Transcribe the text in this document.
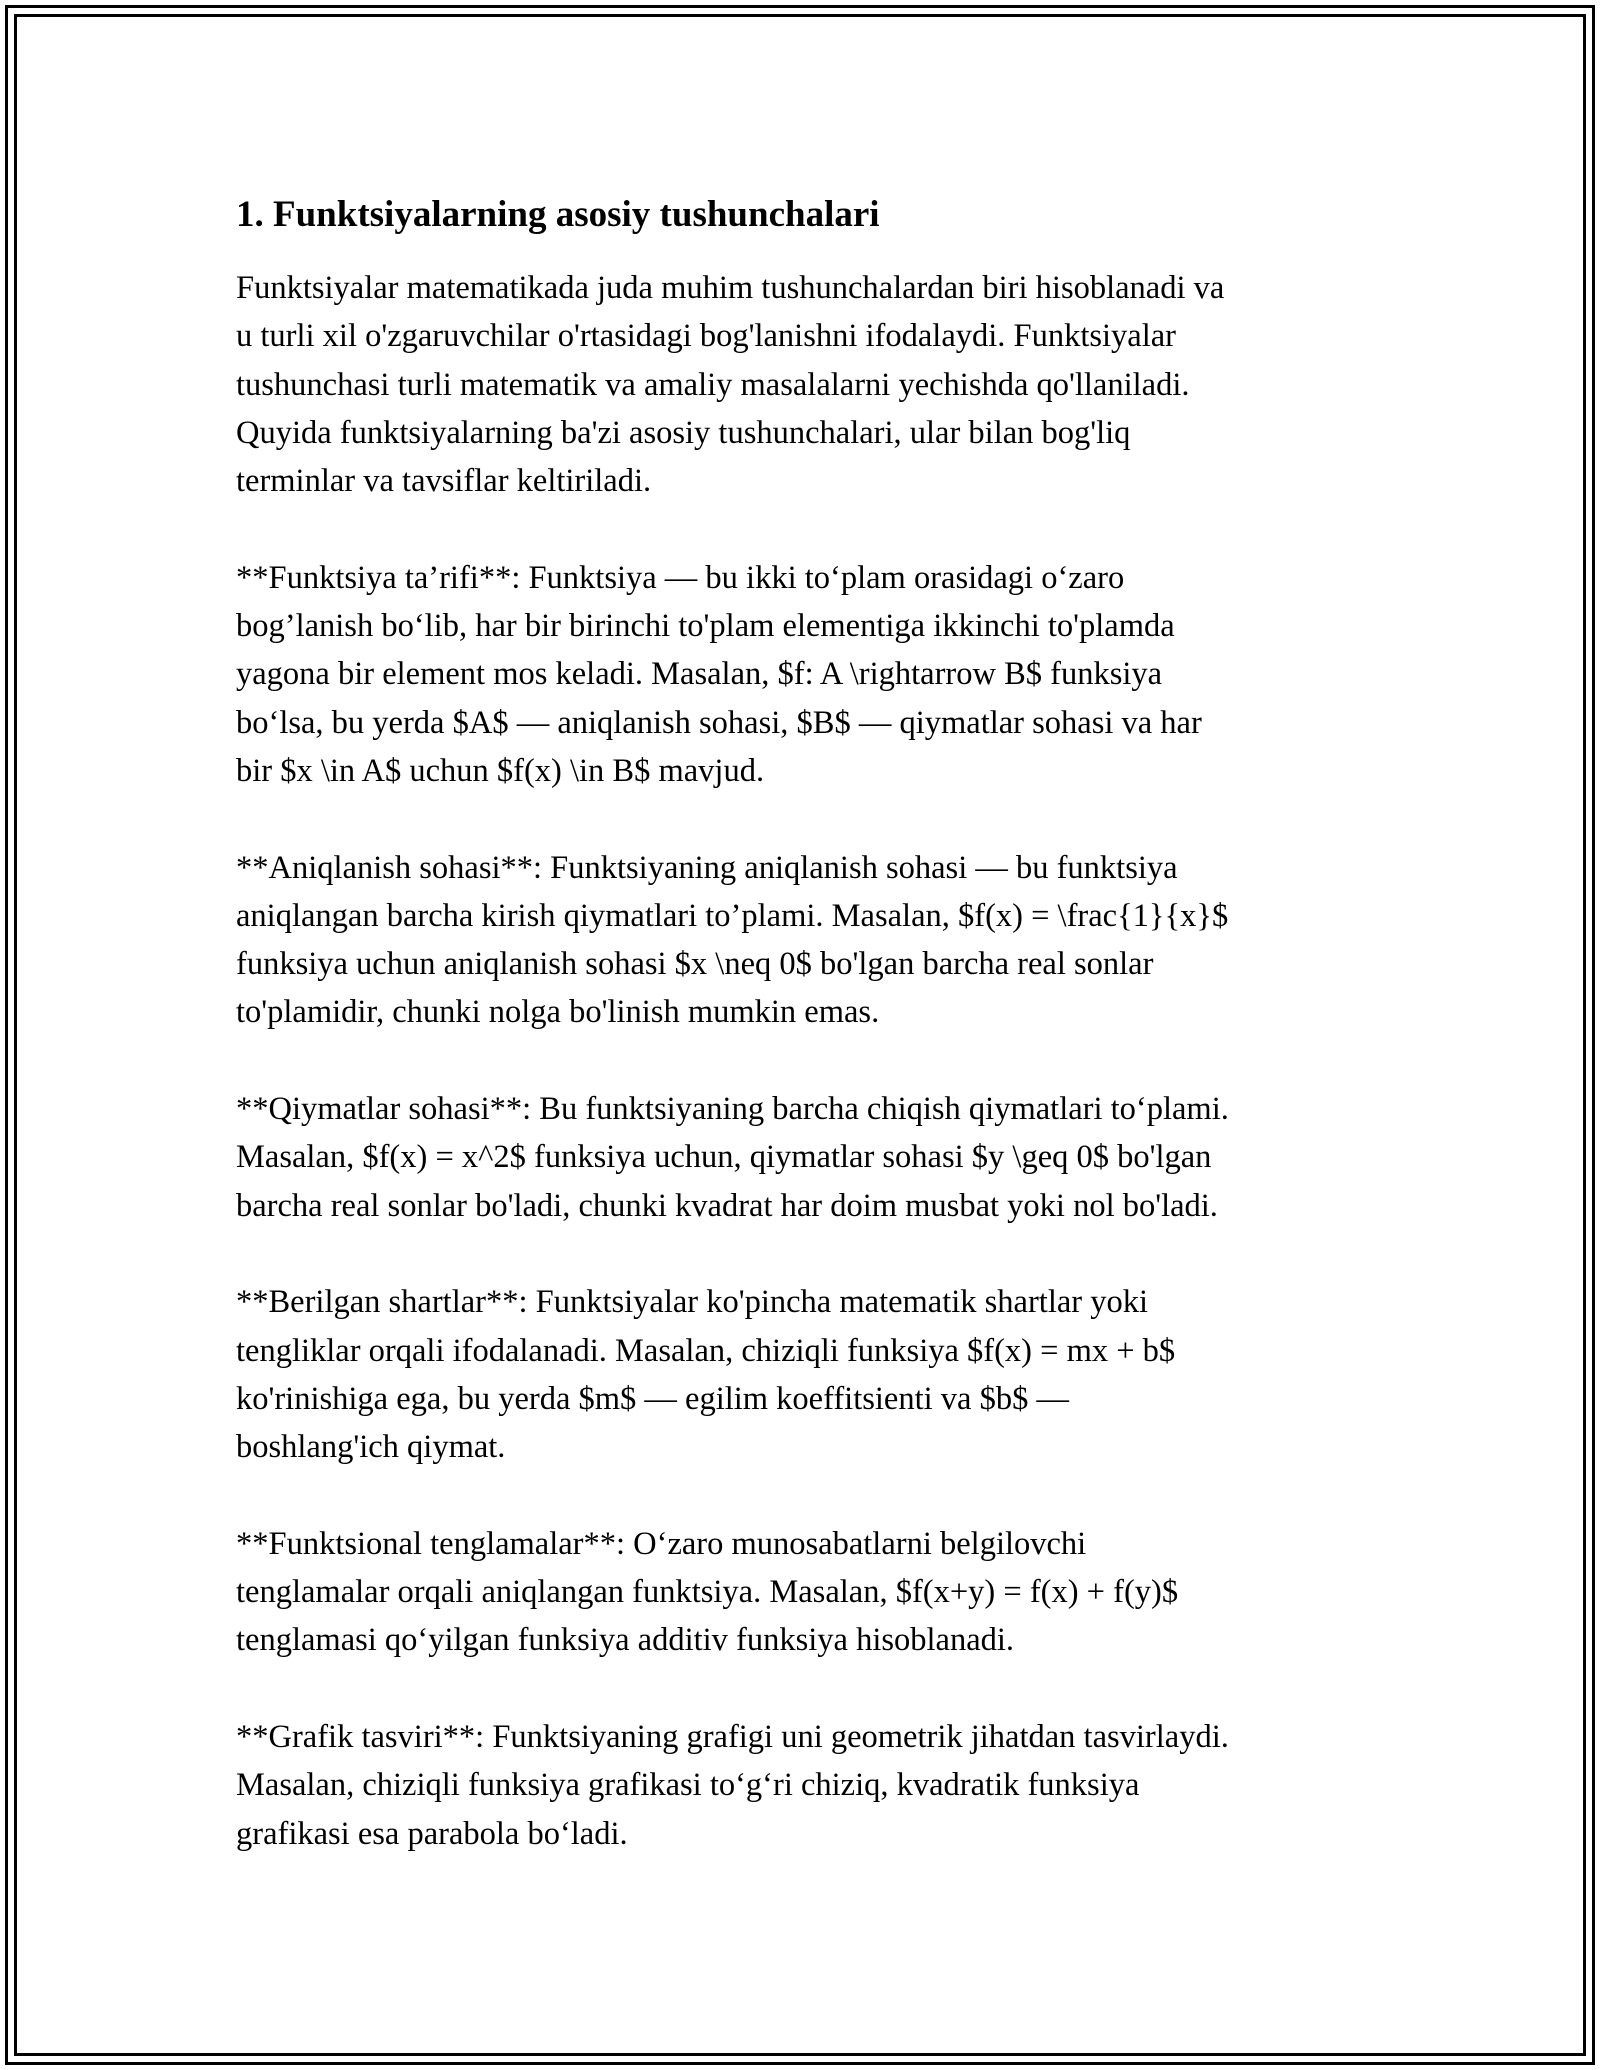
1. Funktsiyalarning asosiy tushunchalari

Funktsiyalar matematikada juda muhim tushunchalardan biri hisoblanadi va
u turli xil o'zgaruvchilar o'rtasidagi bog'lanishni ifodalaydi. Funktsiyalar
tushunchasi turli matematik va amaliy masalalarni yechishda qo'llaniladi.
Quyida funktsiyalarning ba'zi asosiy tushunchalari, ular bilan bog'liq
terminlar va tavsiflar keltiriladi.

**Funktsiya ta’rifi**: Funktsiya — bu ikki to‘plam orasidagi o‘zaro
bog’lanish bo‘lib, har bir birinchi to'plam elementiga ikkinchi to'plamda
yagona bir element mos keladi. Masalan, $f: A \rightarrow B$ funksiya
bo‘lsa, bu yerda $A$ — aniqlanish sohasi, $B$ — qiymatlar sohasi va har
bir $x \in A$ uchun $f(x) \in B$ mavjud.

**Aniqlanish sohasi**: Funktsiyaning aniqlanish sohasi — bu funktsiya
aniqlangan barcha kirish qiymatlari to’plami. Masalan, $f(x) = \frac{1}{x}$
funksiya uchun aniqlanish sohasi $x \neq 0$ bo'lgan barcha real sonlar
to'plamidir, chunki nolga bo'linish mumkin emas.

**Qiymatlar sohasi**: Bu funktsiyaning barcha chiqish qiymatlari to‘plami.
Masalan, $f(x) = x^2$ funksiya uchun, qiymatlar sohasi $y \geq 0$ bo'lgan
barcha real sonlar bo'ladi, chunki kvadrat har doim musbat yoki nol bo'ladi.

**Berilgan shartlar**: Funktsiyalar ko'pincha matematik shartlar yoki
tengliklar orqali ifodalanadi. Masalan, chiziqli funksiya $f(x) = mx + b$
ko'rinishiga ega, bu yerda $m$ — egilim koeffitsienti va $b$ —
boshlang'ich qiymat.

**Funktsional tenglamalar**: O‘zaro munosabatlarni belgilovchi
tenglamalar orqali aniqlangan funktsiya. Masalan, $f(x+y) = f(x) + f(y)$
tenglamasi qo‘yilgan funksiya additiv funksiya hisoblanadi.

**Grafik tasviri**: Funktsiyaning grafigi uni geometrik jihatdan tasvirlaydi.
Masalan, chiziqli funksiya grafikasi to‘g‘ri chiziq, kvadratik funksiya
grafikasi esa parabola bo‘ladi.
